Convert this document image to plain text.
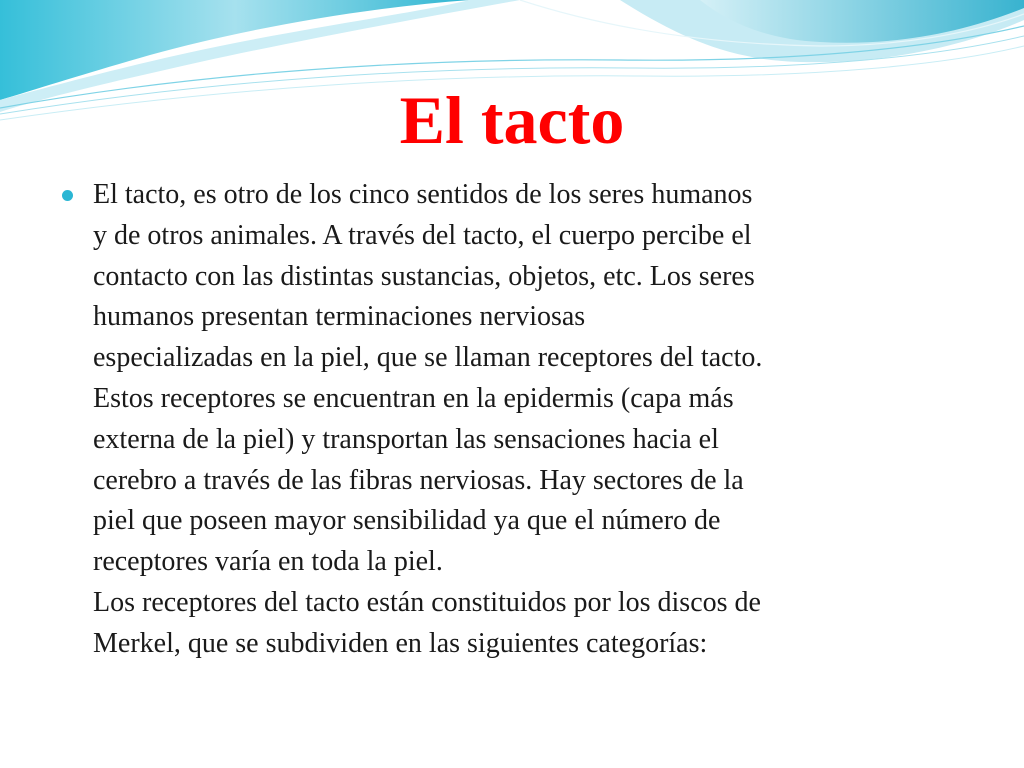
El tacto

El tacto, es otro de los cinco sentidos de los seres humanos
y de otros animales. A través del tacto, el cuerpo percibe el
contacto con las distintas sustancias, objetos, etc. Los seres
humanos presentan terminaciones nerviosas
especializadas en la piel, que se llaman receptores del tacto.
Estos receptores se encuentran en la epidermis (capa más
externa de la piel) y transportan las sensaciones hacia el
cerebro a través de las fibras nerviosas. Hay sectores de la
piel que poseen mayor sensibilidad ya que el número de
receptores varía en toda la piel.
Los receptores del tacto están constituidos por los discos de
Merkel, que se subdividen en las siguientes categorías:
